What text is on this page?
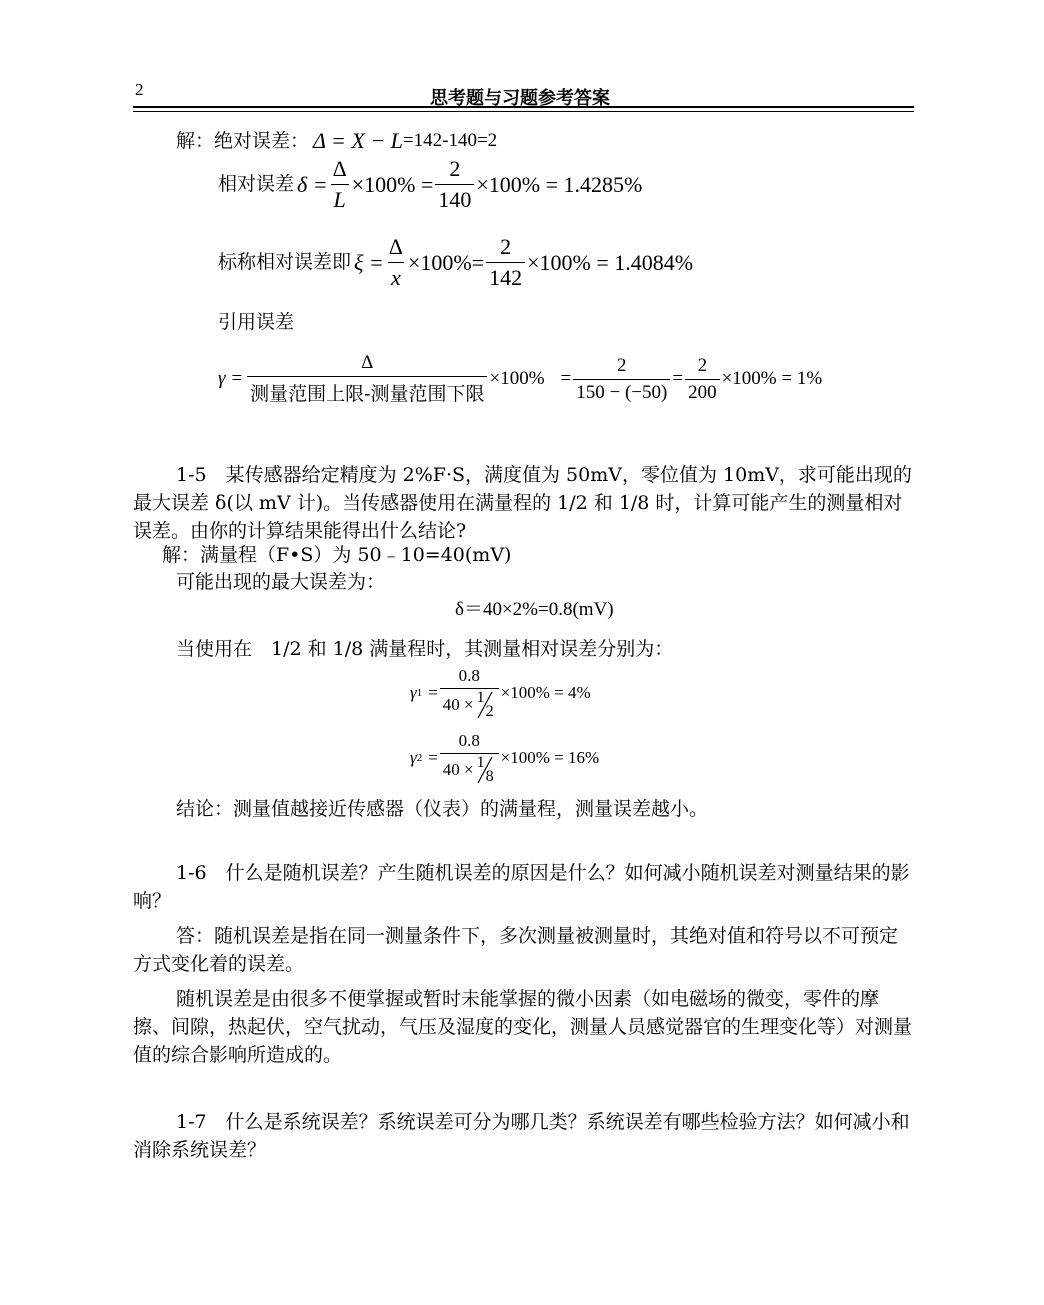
2	思考题与习题参考答案
解：绝对误差： Δ = X − L =142-140=2
相对误差 $\delta = \frac{\Delta}{L} \times 100\% = \frac{2}{140} \times 100\% = 1.4285\%$
标称相对误差即 $\xi = \frac{\Delta}{x} \times 100\%= \frac{2}{142} \times 100\% = 1.4084\%$
引用误差
$\gamma = \frac{\Delta}{\text{测量范围上限-测量范围下限}} \times 100\% = \frac{2}{150 - (-50)} = \frac{2}{200} \times 100\% = 1\%$
1-5　某传感器给定精度为 2%F·S，满度值为 50mV，零位值为 10mV，求可能出现的最大误差 δ(以 mV 计)。当传感器使用在满量程的 1/2 和 1/8 时，计算可能产生的测量相对误差。由你的计算结果能得出什么结论?
解：满量程（F•S）为 50﹣10=40(mV)
可能出现的最大误差为：
δ＝40×2%=0.8(mV)
当使用在　1/2 和 1/8 满量程时，其测量相对误差分别为：
γ 1 = 0.8
40 × 1
2 ×100% = 4%
γ 2 = 0.8
40 × 1
8 ×100% = 16%
结论：测量值越接近传感器（仪表）的满量程，测量误差越小。
1-6　什么是随机误差？产生随机误差的原因是什么？如何减小随机误差对测量结果的影响？
答：随机误差是指在同一测量条件下，多次测量被测量时，其绝对值和符号以不可预定方式变化着的误差。
随机误差是由很多不便掌握或暂时未能掌握的微小因素（如电磁场的微变，零件的摩擦、间隙，热起伏，空气扰动，气压及湿度的变化，测量人员感觉器官的生理变化等）对测量值的综合影响所造成的。
1-7　什么是系统误差？系统误差可分为哪几类？系统误差有哪些检验方法？如何减小和消除系统误差？
